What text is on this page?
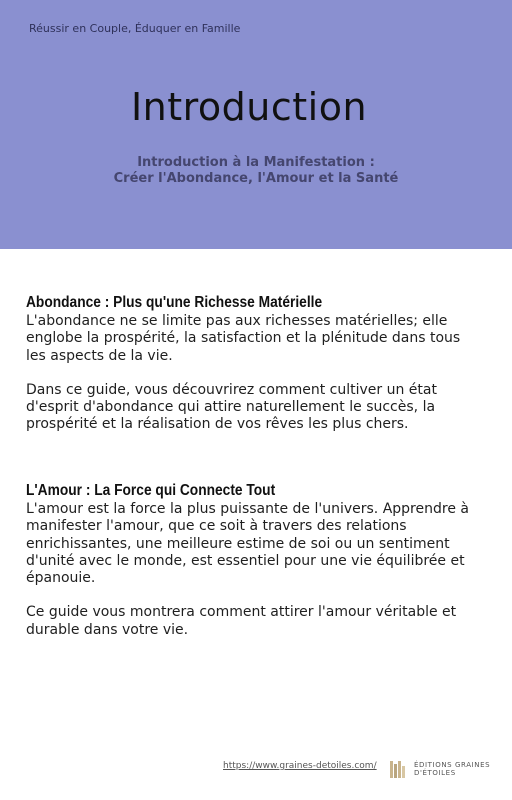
Réussir en Couple, Éduquer en Famille
Introduction
Introduction à la Manifestation :
Créer l'Abondance, l'Amour et la Santé
Abondance : Plus qu'une Richesse Matérielle

L'abondance ne se limite pas aux richesses matérielles; elle englobe la prospérité, la satisfaction et la plénitude dans tous les aspects de la vie.

Dans ce guide, vous découvrirez comment cultiver un état d'esprit d'abondance qui attire naturellement le succès, la prospérité et la réalisation de vos rêves les plus chers.

L'Amour : La Force qui Connecte Tout

L'amour est la force la plus puissante de l'univers. Apprendre à manifester l'amour, que ce soit à travers des relations enrichissantes, une meilleure estime de soi ou un sentiment d'unité avec le monde, est essentiel pour une vie équilibrée et épanouie.

Ce guide vous montrera comment attirer l'amour véritable et durable dans votre vie.

https://www.graines-detoiles.com/	ÉDITIONS GRAINES
D'ÉTOILES
